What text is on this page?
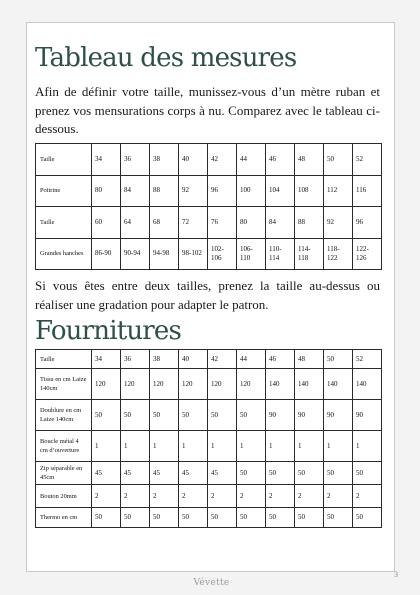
Tableau des mesures

Afin de définir votre taille, munissez-vous d’un mètre ruban et prenez vos mensurations corps à nu. Comparez avec le tableau ci-dessous.

Taille	34	36	38	40	42	44	46	48	50	52
Poitrine	80	84	88	92	96	100	104	108	112	116
Taille	60	64	68	72	76	80	84	88	92	96
Grandes hanches	86-90	90-94	94-98	98-102	102-106	106-110	110-114	114-118	118-122	122-126

Si vous êtes entre deux tailles, prenez la taille au-dessus ou réaliser une gradation pour adapter le patron.

Fournitures
Taille	34	36	38	40	42	44	46	48	50	52
Tissu en cm Laize 140cm	120	120	120	120	120	120	140	140	140	140
Doublure en cm Laize 140cm	50	50	50	50	50	50	90	90	90	90
Boucle métal 4 cm d’ouverture	1	1	1	1	1	1	1	1	1	1
Zip séparable en 45cm	45	45	45	45	45	50	50	50	50	50
Bouton 20mm	2	2	2	2	2	2	2	2	2	2
Thermo en cm	50	50	50	50	50	50	50	50	50	50
Vévette
3
